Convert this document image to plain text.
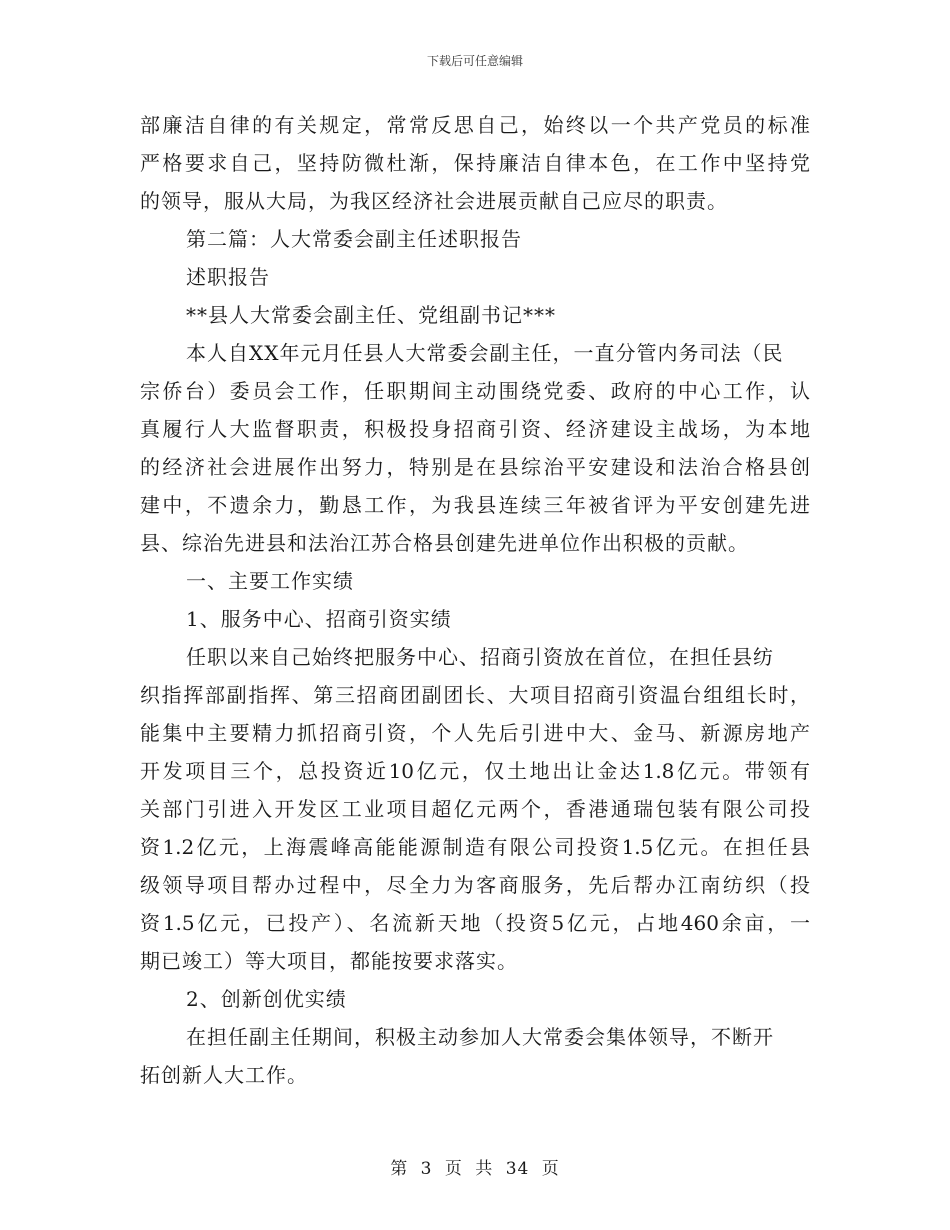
下载后可任意编辑
部廉洁自律的有关规定，常常反思自己，始终以一个共产党员的标准
严格要求自己，坚持防微杜渐，保持廉洁自律本色，在工作中坚持党
的领导，服从大局，为我区经济社会进展贡献自己应尽的职责。
第二篇：人大常委会副主任述职报告
述职报告
**县人大常委会副主任、党组副书记***
本人自XX年元月任县人大常委会副主任，一直分管内务司法（民
宗侨台）委员会工作，任职期间主动围绕党委、政府的中心工作，认
真履行人大监督职责，积极投身招商引资、经济建设主战场，为本地
的经济社会进展作出努力，特别是在县综治平安建设和法治合格县创
建中，不遗余力，勤恳工作，为我县连续三年被省评为平安创建先进
县、综治先进县和法治江苏合格县创建先进单位作出积极的贡献。
一、主要工作实绩
1、服务中心、招商引资实绩
任职以来自己始终把服务中心、招商引资放在首位，在担任县纺
织指挥部副指挥、第三招商团副团长、大项目招商引资温台组组长时，
能集中主要精力抓招商引资，个人先后引进中大、金马、新源房地产
开发项目三个，总投资近10亿元，仅土地出让金达1.8亿元。带领有
关部门引进入开发区工业项目超亿元两个，香港通瑞包装有限公司投
资1.2亿元，上海震峰高能能源制造有限公司投资1.5亿元。在担任县
级领导项目帮办过程中，尽全力为客商服务，先后帮办江南纺织（投
资1.5亿元，已投产）、名流新天地（投资5亿元，占地460余亩，一
期已竣工）等大项目，都能按要求落实。
2、创新创优实绩
在担任副主任期间，积极主动参加人大常委会集体领导，不断开
拓创新人大工作。
第 3 页 共 34 页
